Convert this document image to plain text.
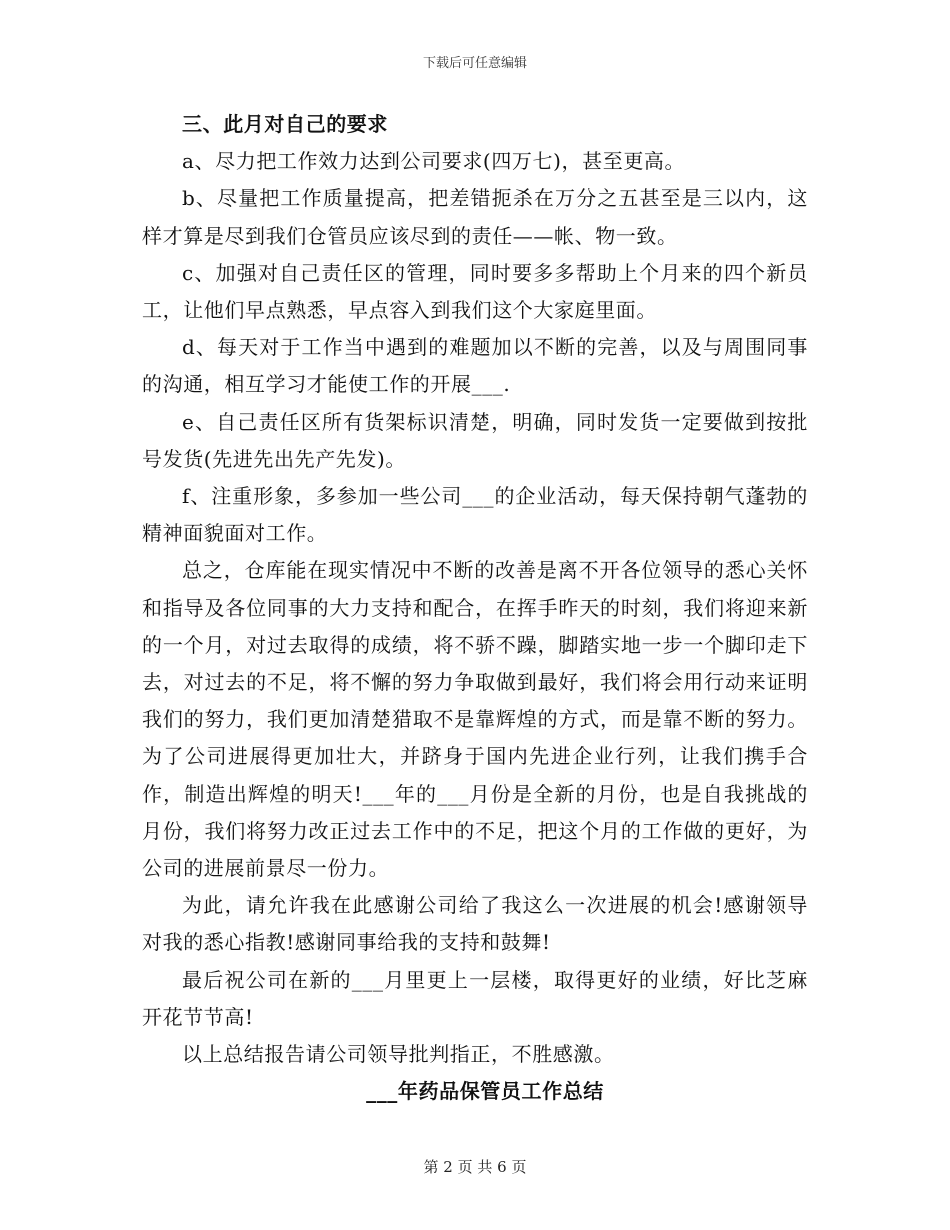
下载后可任意编辑

三、此月对自己的要求

a、尽力把工作效力达到公司要求(四万七)，甚至更高。

b、尽量把工作质量提高，把差错扼杀在万分之五甚至是三以内，这样才算是尽到我们仓管员应该尽到的责任——帐、物一致。

c、加强对自己责任区的管理，同时要多多帮助上个月来的四个新员工，让他们早点熟悉，早点容入到我们这个大家庭里面。

d、每天对于工作当中遇到的难题加以不断的完善，以及与周围同事的沟通，相互学习才能使工作的开展___.

e、自己责任区所有货架标识清楚，明确，同时发货一定要做到按批号发货(先进先出先产先发)。

f、注重形象，多参加一些公司___的企业活动，每天保持朝气蓬勃的精神面貌面对工作。

总之，仓库能在现实情况中不断的改善是离不开各位领导的悉心关怀和指导及各位同事的大力支持和配合，在挥手昨天的时刻，我们将迎来新的一个月，对过去取得的成绩，将不骄不躁，脚踏实地一步一个脚印走下去，对过去的不足，将不懈的努力争取做到最好，我们将会用行动来证明我们的努力，我们更加清楚猎取不是靠辉煌的方式，而是靠不断的努力。为了公司进展得更加壮大，并跻身于国内先进企业行列，让我们携手合作，制造出辉煌的明天!___年的___月份是全新的月份，也是自我挑战的月份，我们将努力改正过去工作中的不足，把这个月的工作做的更好，为公司的进展前景尽一份力。

为此，请允许我在此感谢公司给了我这么一次进展的机会!感谢领导对我的悉心指教!感谢同事给我的支持和鼓舞!

最后祝公司在新的___月里更上一层楼，取得更好的业绩，好比芝麻开花节节高!

以上总结报告请公司领导批判指正，不胜感激。

___年药品保管员工作总结

第 2 页 共 6 页
